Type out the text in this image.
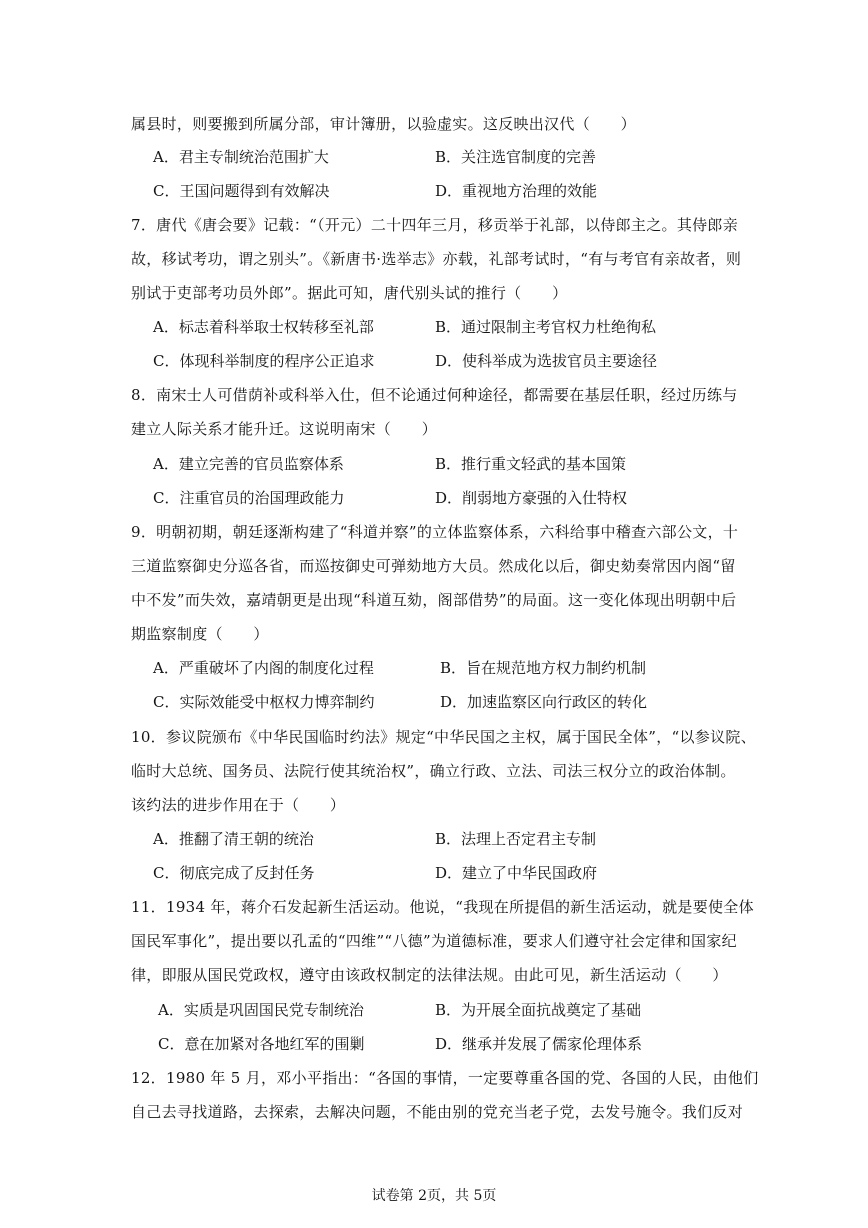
属县时，则要搬到所属分部，审计簿册，以验虚实。这反映出汉代（　　）
A．君主专制统治范围扩大	B．关注选官制度的完善
C．王国问题得到有效解决	D．重视地方治理的效能
7．唐代《唐会要》记载：“（开元）二十四年三月，移贡举于礼部，以侍郎主之。其侍郎亲
故，移试考功，谓之别头”。《新唐书·选举志》亦载，礼部考试时，“有与考官有亲故者，则
别试于吏部考功员外郎”。据此可知，唐代别头试的推行（　　）
A．标志着科举取士权转移至礼部	B．通过限制主考官权力杜绝徇私
C．体现科举制度的程序公正追求	D．使科举成为选拔官员主要途径
8．南宋士人可借荫补或科举入仕，但不论通过何种途径，都需要在基层任职，经过历练与
建立人际关系才能升迁。这说明南宋（　　）
A．建立完善的官员监察体系	B．推行重文轻武的基本国策
C．注重官员的治国理政能力	D．削弱地方豪强的入仕特权
9．明朝初期，朝廷逐渐构建了“科道并察”的立体监察体系，六科给事中稽查六部公文，十
三道监察御史分巡各省，而巡按御史可弹劾地方大员。然成化以后，御史劾奏常因内阁“留
中不发”而失效，嘉靖朝更是出现“科道互劾，阁部借势”的局面。这一变化体现出明朝中后
期监察制度（　　）
A．严重破坏了内阁的制度化过程	B．旨在规范地方权力制约机制
C．实际效能受中枢权力博弈制约	D．加速监察区向行政区的转化
10．参议院颁布《中华民国临时约法》规定“中华民国之主权，属于国民全体”，“以参议院、
临时大总统、国务员、法院行使其统治权”，确立行政、立法、司法三权分立的政治体制。
该约法的进步作用在于（　　）
A．推翻了清王朝的统治	B．法理上否定君主专制
C．彻底完成了反封任务	D．建立了中华民国政府
11．1934 年，蒋介石发起新生活运动。他说，“我现在所提倡的新生活运动，就是要使全体
国民军事化”，提出要以孔孟的“四维”“八德”为道德标准，要求人们遵守社会定律和国家纪
律，即服从国民党政权，遵守由该政权制定的法律法规。由此可见，新生活运动（　　）
A．实质是巩固国民党专制统治	B．为开展全面抗战奠定了基础
C．意在加紧对各地红军的围剿	D．继承并发展了儒家伦理体系
12．1980 年 5 月，邓小平指出：“各国的事情，一定要尊重各国的党、各国的人民，由他们
自己去寻找道路，去探索，去解决问题，不能由别的党充当老子党，去发号施令。我们反对
试卷第 2页，共 5页
